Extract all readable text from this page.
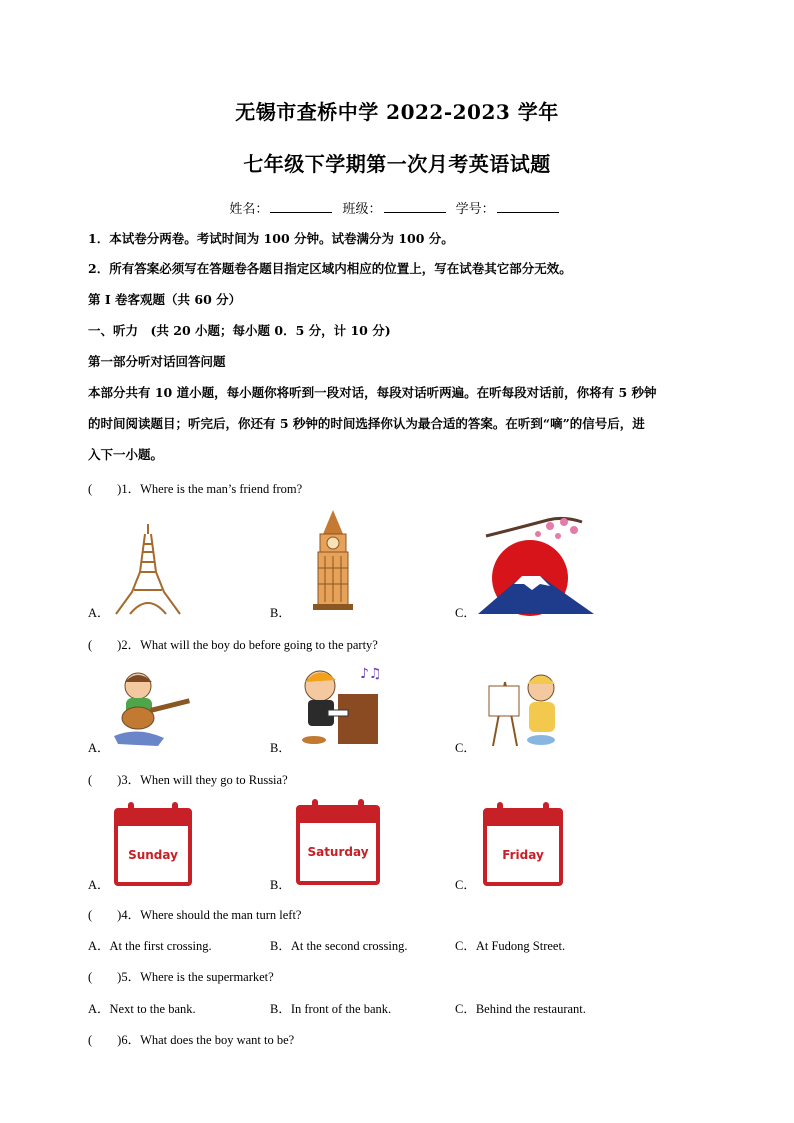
无锡市查桥中学 2022-2023 学年
七年级下学期第一次月考英语试题
姓名：	班级：	学号：
1．本试卷分两卷。考试时间为 100 分钟。试卷满分为 100 分。
2．所有答案必须写在答题卷各题目指定区域内相应的位置上，写在试卷其它部分无效。
第 I 卷客观题（共 60 分）
一、听力　(共 20 小题；每小题 0．5 分，计 10 分)
第一部分听对话回答问题
本部分共有 10 道小题，每小题你将听到一段对话，每段对话听两遍。在听每段对话前，你将有 5 秒钟
的时间阅读题目；听完后，你还有 5 秒钟的时间选择你认为最合适的答案。在听到“嘀”的信号后，进
入下一小题。
(　　)1．Where is the man’s friend from?
A．	B．	C．
(　　)2．What will the boy do before going to the party?
A．	B．	C．
♪♫
(　　)3．When will they go to Russia?
A．	B．	C．
Sunday	Saturday	Friday
(　　)4．Where should the man turn left?
A．At the first crossing.	B．At the second crossing.	C．At Fudong Street.
(　　)5．Where is the supermarket?
A．Next to the bank.	B．In front of the bank.	C．Behind the restaurant.
(　　)6．What does the boy want to be?
